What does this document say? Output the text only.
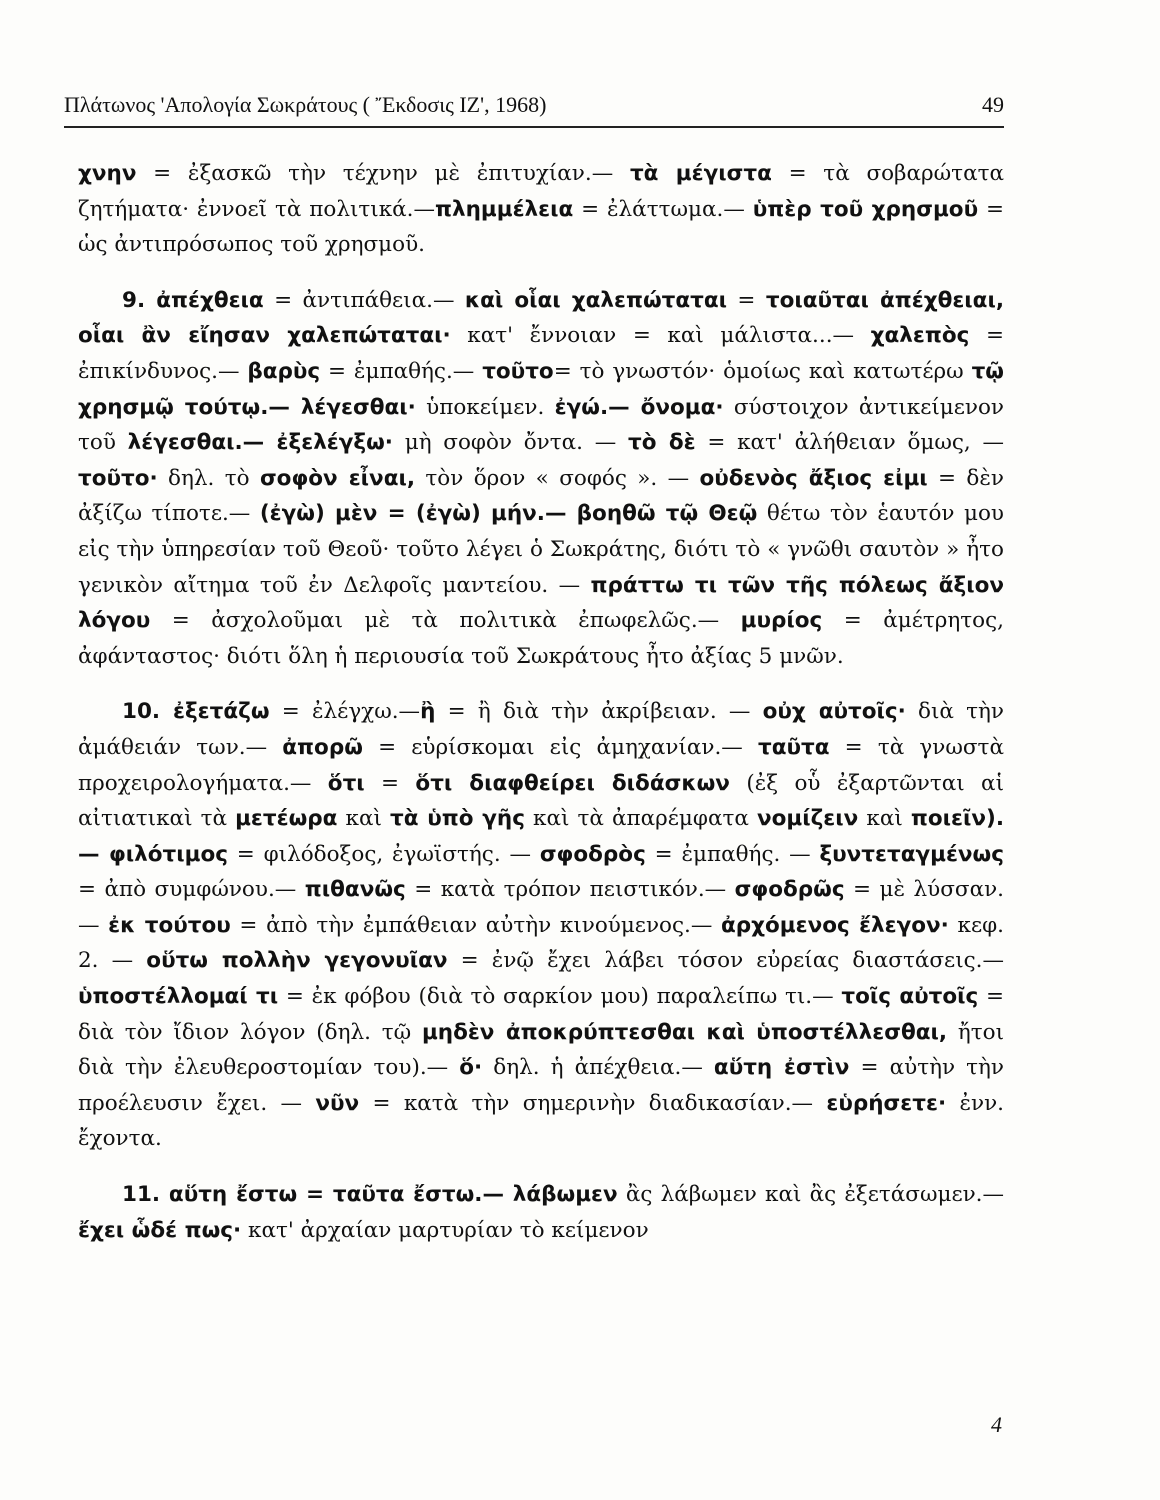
Πλάτωνος 'Απολογία Σωκράτους ( Ἔκδοσις ΙΖ', 1968)	49

χνην = ἐξασκῶ τὴν τέχνην μὲ ἐπιτυχίαν.— τὰ μέγιστα = τὰ σοβαρώτατα ζητήματα· ἐννοεῖ τὰ πολιτικά.—πλημμέλεια = ἐλάττωμα.— ὑπὲρ τοῦ χρησμοῦ = ὡς ἀντιπρόσωπος τοῦ χρησμοῦ.

9. ἀπέχθεια = ἀντιπάθεια.— καὶ οἷαι χαλεπώταται = τοιαῦται ἀπέχθειαι, οἷαι ἂν εἴησαν χαλεπώταται· κατ' ἔννοιαν = καὶ μάλιστα...— χαλεπὸς = ἐπικίνδυνος.— βαρὺς = ἐμπαθής.— τοῦτο= τὸ γνωστόν· ὁμοίως καὶ κατωτέρω τῷ χρησμῷ τούτῳ.— λέγεσθαι· ὑποκείμεν. ἐγώ.— ὄνομα· σύστοιχον ἀντικείμενον τοῦ λέγεσθαι.— ἐξελέγξω· μὴ σοφὸν ὄντα. — τὸ δὲ = κατ' ἀλήθειαν ὅμως, —τοῦτο· δηλ. τὸ σοφὸν εἶναι, τὸν ὅρον « σοφός ». — οὐδενὸς ἄξιος εἰμι = δὲν ἀξίζω τίποτε.— (ἐγὼ) μὲν = (ἐγὼ) μήν.— βοηθῶ τῷ Θεῷ θέτω τὸν ἑαυτόν μου εἰς τὴν ὑπηρεσίαν τοῦ Θεοῦ· τοῦτο λέγει ὁ Σωκράτης, διότι τὸ « γνῶθι σαυτὸν » ἦτο γενικὸν αἴτημα τοῦ ἐν Δελφοῖς μαντείου. — πράττω τι τῶν τῆς πόλεως ἄξιον λόγου = ἀσχολοῦμαι μὲ τὰ πολιτικὰ ἐπωφελῶς.— μυρίος = ἀμέτρητος, ἀφάνταστος· διότι ὅλη ἡ περιουσία τοῦ Σωκράτους ἦτο ἀξίας 5 μνῶν.

10. ἐξετάζω = ἐλέγχω.—ἢ = ἢ διὰ τὴν ἀκρίβειαν. — οὐχ αὐτοῖς· διὰ τὴν ἀμάθειάν των.— ἀπορῶ = εὑρίσκομαι εἰς ἀμηχανίαν.— ταῦτα = τὰ γνωστὰ προχειρολογήματα.— ὅτι = ὅτι διαφθείρει διδάσκων (ἐξ οὗ ἐξαρτῶνται αἱ αἰτιατικαὶ τὰ μετέωρα καὶ τὰ ὑπὸ γῆς καὶ τὰ ἀπαρέμφατα νομίζειν καὶ ποιεῖν).— φιλότιμος = φιλόδοξος, ἐγωϊστής. — σφοδρὸς = ἐμπαθής. — ξυντεταγμένως = ἀπὸ συμφώνου.— πιθανῶς = κατὰ τρόπον πειστικόν.— σφοδρῶς = μὲ λύσσαν.— ἐκ τούτου = ἀπὸ τὴν ἐμπάθειαν αὐτὴν κινούμενος.— ἀρχόμενος ἔλεγον· κεφ. 2. — οὕτω πολλὴν γεγονυῖαν = ἐνῷ ἔχει λάβει τόσον εὐρείας διαστάσεις.— ὑποστέλλομαί τι = ἐκ φόβου (διὰ τὸ σαρκίον μου) παραλείπω τι.— τοῖς αὐτοῖς = διὰ τὸν ἴδιον λόγον (δηλ. τῷ μηδὲν ἀποκρύπτεσθαι καὶ ὑποστέλλεσθαι, ἤτοι διὰ τὴν ἐλευθεροστομίαν του).— ὅ· δηλ. ἡ ἀπέχθεια.— αὕτη ἐστὶν = αὐτὴν τὴν προέλευσιν ἔχει. — νῦν = κατὰ τὴν σημερινὴν διαδικασίαν.— εὑρήσετε· ἐνν. ἔχοντα.

11. αὕτη ἔστω = ταῦτα ἔστω.— λάβωμεν ἂς λάβωμεν καὶ ἂς ἐξετάσωμεν.— ἔχει ὧδέ πως· κατ' ἀρχαίαν μαρτυρίαν τὸ κείμενον

4
